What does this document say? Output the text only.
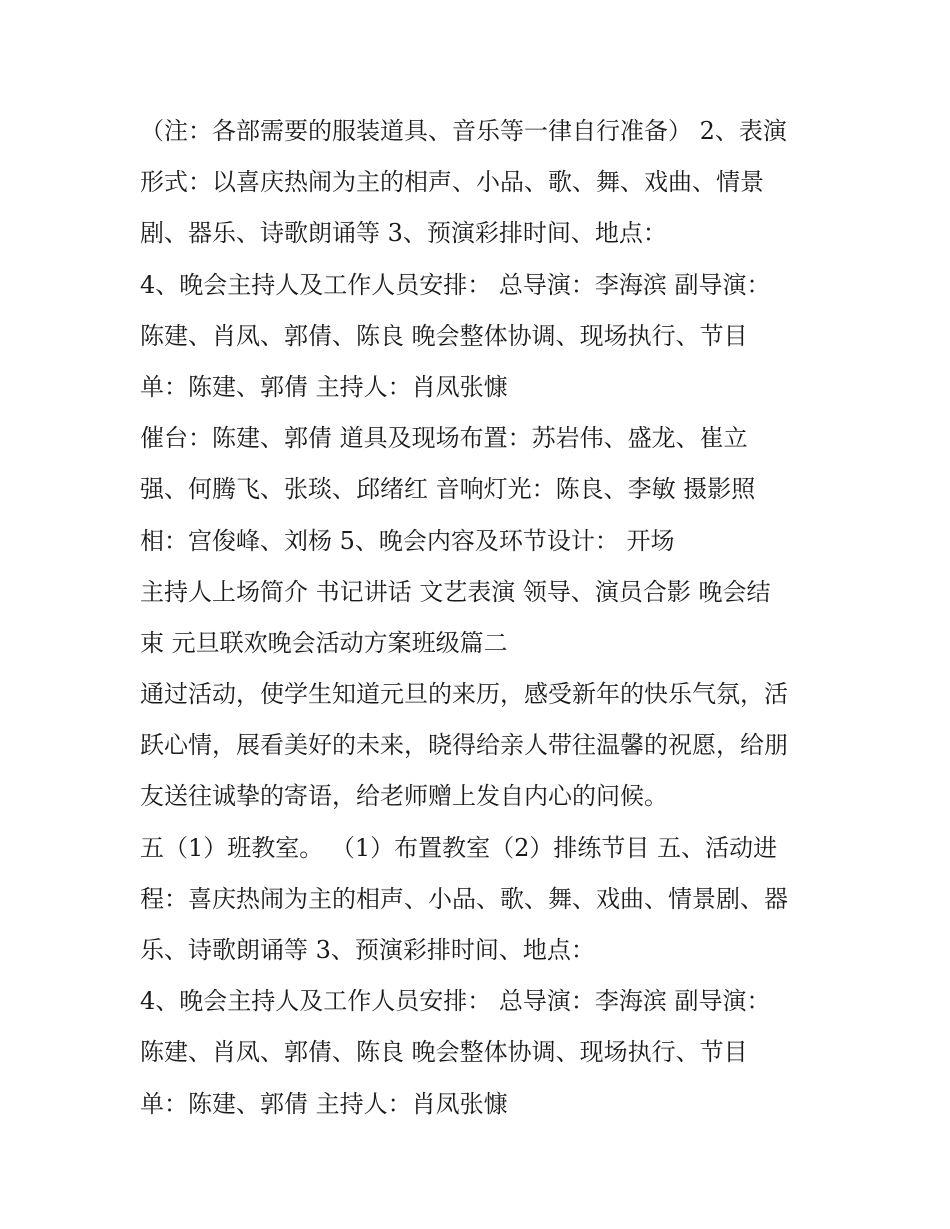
（注：各部需要的服装道具、音乐等一律自行准备） 2、表演
形式：以喜庆热闹为主的相声、小品、歌、舞、戏曲、情景
剧、器乐、诗歌朗诵等 3、预演彩排时间、地点：
4、晚会主持人及工作人员安排： 总导演：李海滨 副导演：
陈建、肖凤、郭倩、陈良 晚会整体协调、现场执行、节目
单：陈建、郭倩 主持人：肖凤张慷
催台：陈建、郭倩 道具及现场布置：苏岩伟、盛龙、崔立
强、何腾飞、张琰、邱绪红 音响灯光：陈良、李敏 摄影照
相：宫俊峰、刘杨 5、晚会内容及环节设计： 开场
主持人上场简介 书记讲话 文艺表演 领导、演员合影 晚会结
束 元旦联欢晚会活动方案班级篇二
通过活动，使学生知道元旦的来历，感受新年的快乐气氛，活
跃心情，展看美好的未来，晓得给亲人带往温馨的祝愿，给朋
友送往诚挚的寄语，给老师赠上发自内心的问候。
五（1）班教室。 （1）布置教室（2）排练节目 五、活动进
程：喜庆热闹为主的相声、小品、歌、舞、戏曲、情景剧、器
乐、诗歌朗诵等 3、预演彩排时间、地点：
4、晚会主持人及工作人员安排： 总导演：李海滨 副导演：
陈建、肖凤、郭倩、陈良 晚会整体协调、现场执行、节目
单：陈建、郭倩 主持人：肖凤张慷
